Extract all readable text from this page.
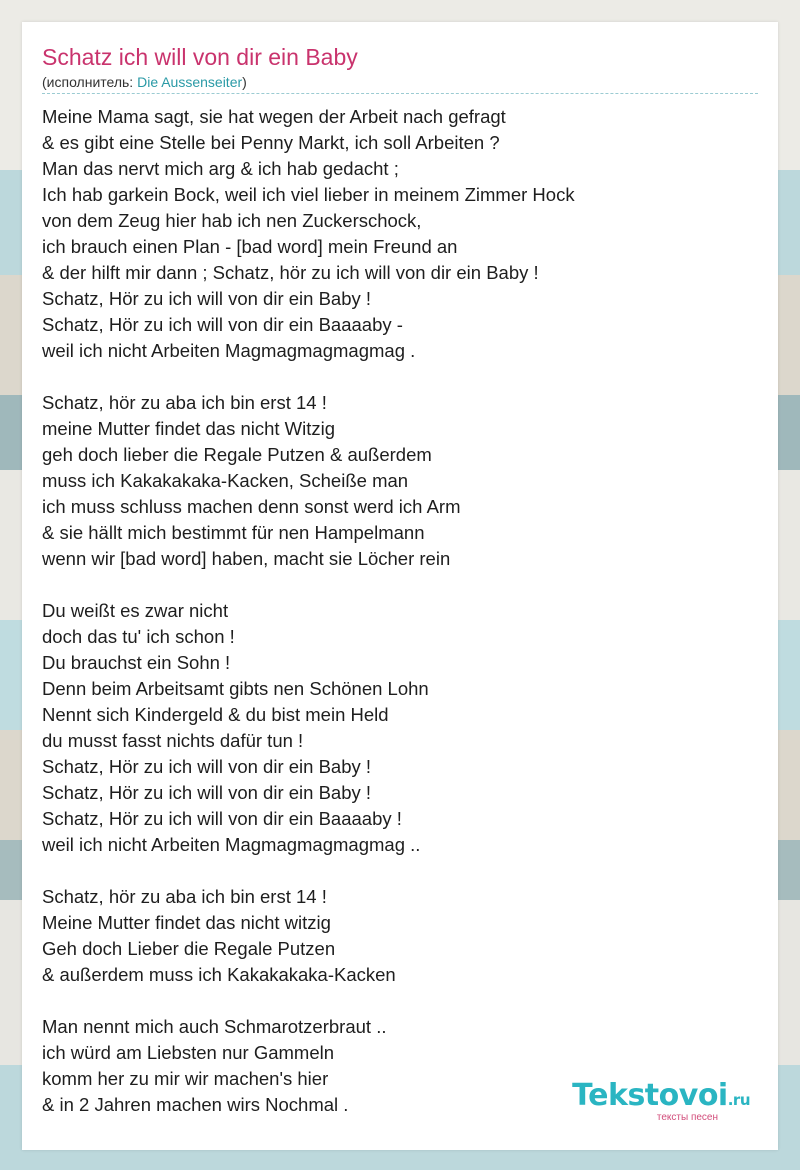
Schatz ich will von dir ein Baby
(исполнитель: Die Aussenseiter)
Meine Mama sagt, sie hat wegen der Arbeit nach gefragt
& es gibt eine Stelle bei Penny Markt, ich soll Arbeiten ?
Man das nervt mich arg & ich hab gedacht ;
Ich hab garkein Bock, weil ich viel lieber in meinem Zimmer Hock
von dem Zeug hier hab ich nen Zuckerschock,
ich brauch einen Plan - [bad word] mein Freund an
& der hilft mir dann ; Schatz, hör zu ich will von dir ein Baby !
Schatz, Hör zu ich will von dir ein Baby !
Schatz, Hör zu ich will von dir ein Baaaaby -
weil ich nicht Arbeiten Magmagmagmagmag .
Schatz, hör zu aba ich bin erst 14 !
meine Mutter findet das nicht Witzig
geh doch lieber die Regale Putzen & außerdem
muss ich Kakakakaka-Kacken, Scheiße man
ich muss schluss machen denn sonst werd ich Arm
& sie hällt mich bestimmt für nen Hampelmann
wenn wir [bad word] haben, macht sie Löcher rein
Du weißt es zwar nicht
doch das tu' ich schon !
Du brauchst ein Sohn !
Denn beim Arbeitsamt gibts nen Schönen Lohn
Nennt sich Kindergeld & du bist mein Held
du musst fasst nichts dafür tun !
Schatz, Hör zu ich will von dir ein Baby !
Schatz, Hör zu ich will von dir ein Baby !
Schatz, Hör zu ich will von dir ein Baaaaby !
weil ich nicht Arbeiten Magmagmagmagmag ..
Schatz, hör zu aba ich bin erst 14 !
Meine Mutter findet das nicht witzig
Geh doch Lieber die Regale Putzen
& außerdem muss ich Kakakakaka-Kacken
Man nennt mich auch Schmarotzerbraut ..
ich würd am Liebsten nur Gammeln
komm her zu mir wir machen's hier
& in 2 Jahren machen wirs Nochmal .	Tekstovoi.ru
тексты песен
